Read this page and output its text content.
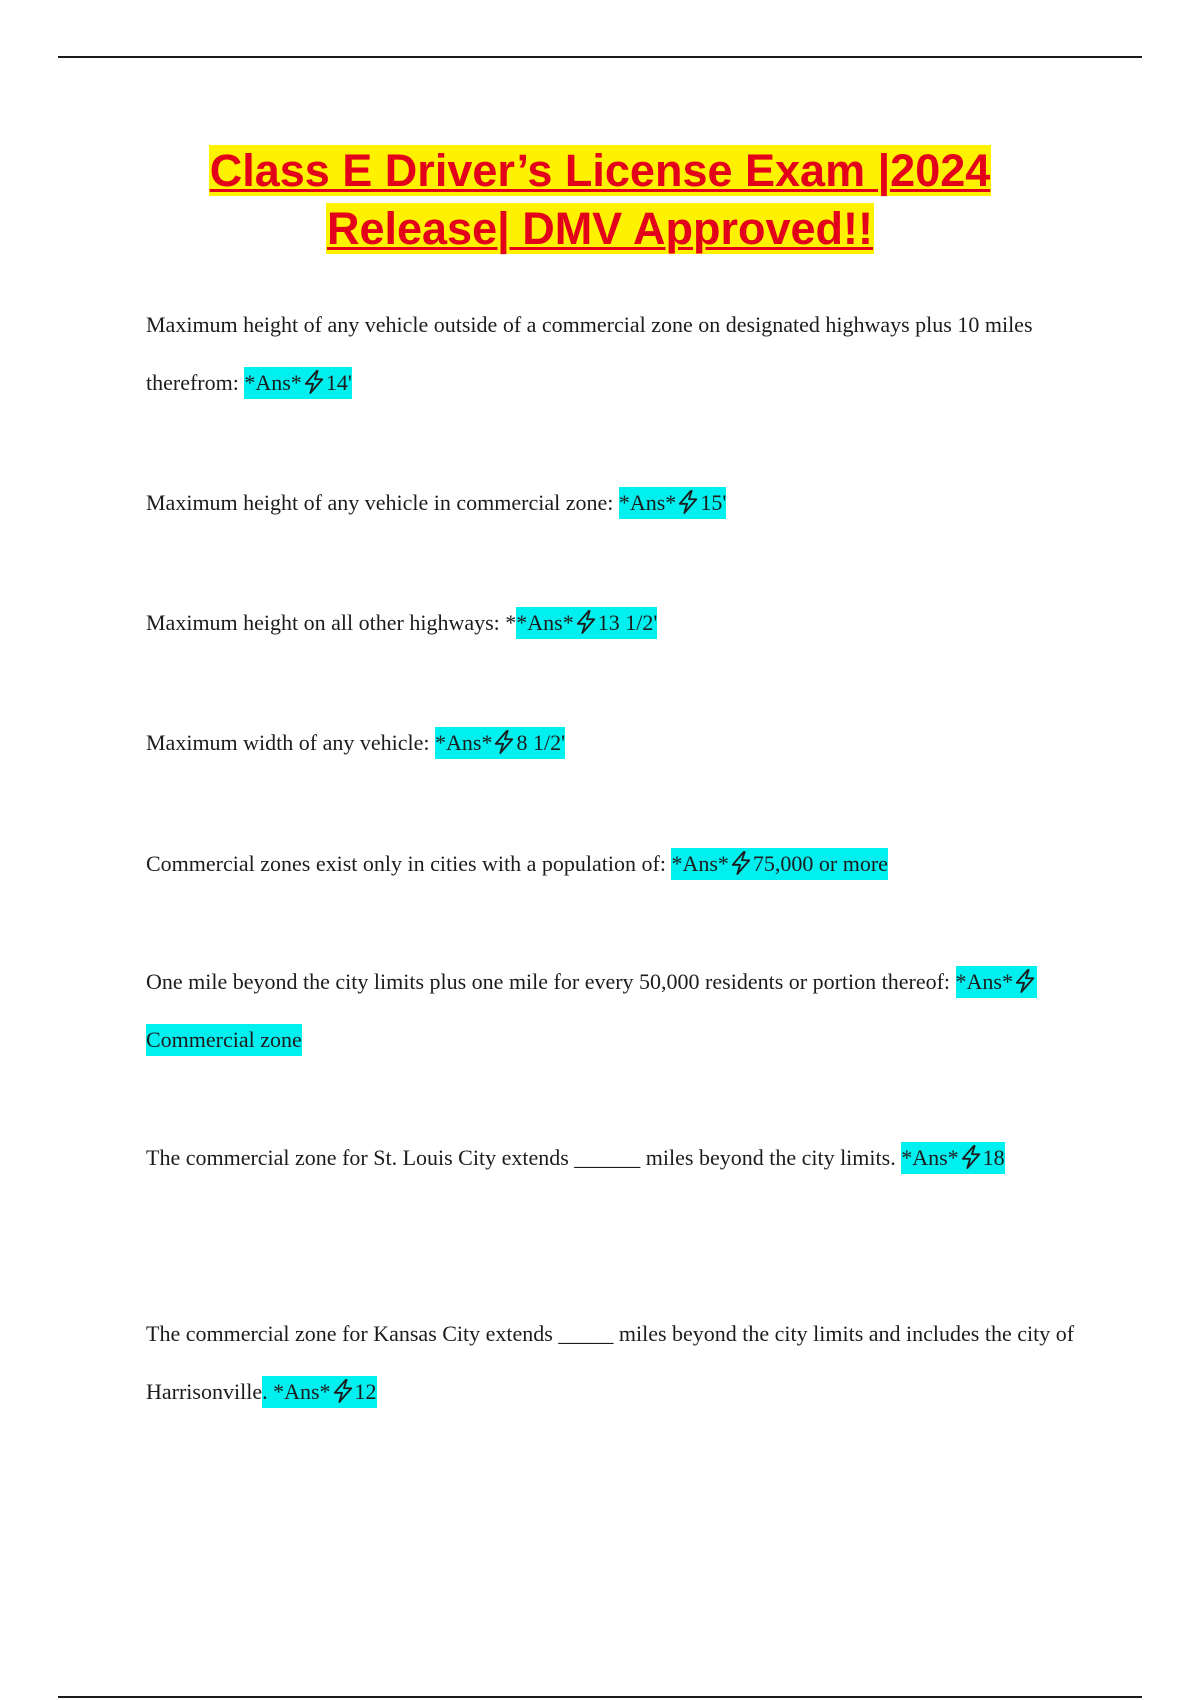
Class E Driver’s License Exam |2024
Release| DMV Approved!!
Maximum height of any vehicle outside of a commercial zone on designated highways plus 10 miles therefrom: *Ans* 14'
Maximum height of any vehicle in commercial zone: *Ans* 15'
Maximum height on all other highways: **Ans* 13 1/2'
Maximum width of any vehicle: *Ans* 8 1/2'
Commercial zones exist only in cities with a population of: *Ans* 75,000 or more
One mile beyond the city limits plus one mile for every 50,000 residents or portion thereof: *Ans*
Commercial zone
The commercial zone for St. Louis City extends ______ miles beyond the city limits. *Ans* 18
The commercial zone for Kansas City extends _____ miles beyond the city limits and includes the city of Harrisonville. *Ans* 12
